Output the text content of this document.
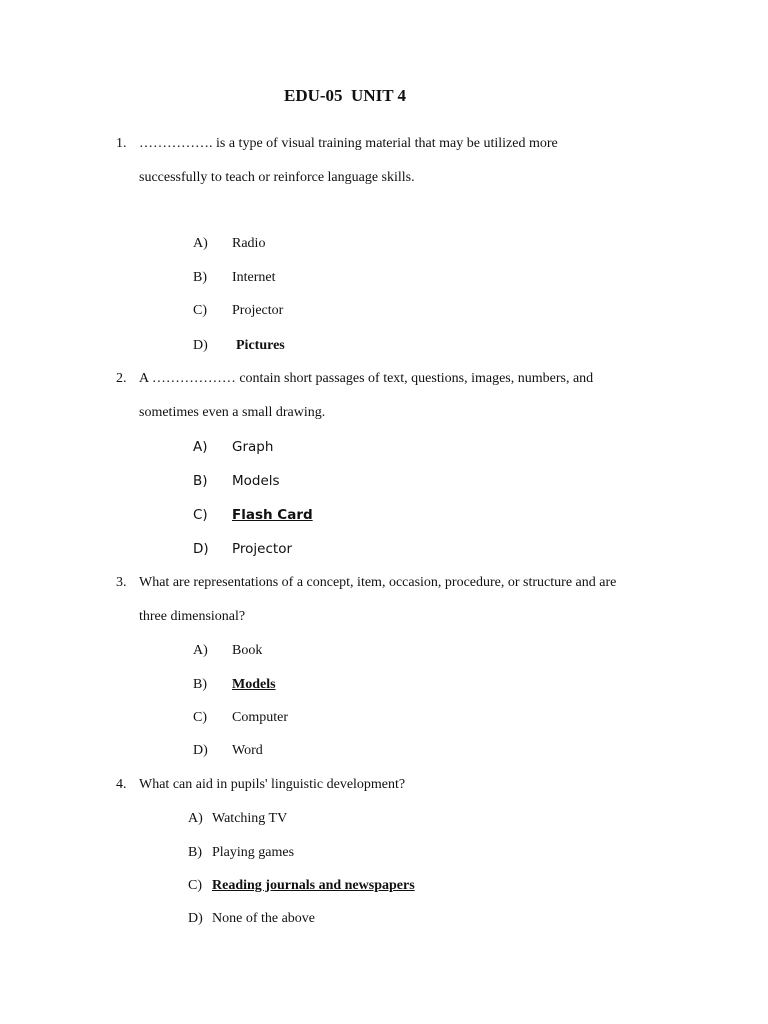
EDU-05  UNIT 4
1. ……………. is a type of visual training material that may be utilized more
successfully to teach or reinforce language skills.
A) Radio
B) Internet
C) Projector
D) Pictures
2. A ……………… contain short passages of text, questions, images, numbers, and
sometimes even a small drawing.
A) Graph
B) Models
C) Flash Card
D) Projector
3. What are representations of a concept, item, occasion, procedure, or structure and are
three dimensional?
A) Book
B) Models
C) Computer
D) Word
4. What can aid in pupils' linguistic development?
A) Watching TV
B) Playing games
C) Reading journals and newspapers
D) None of the above
